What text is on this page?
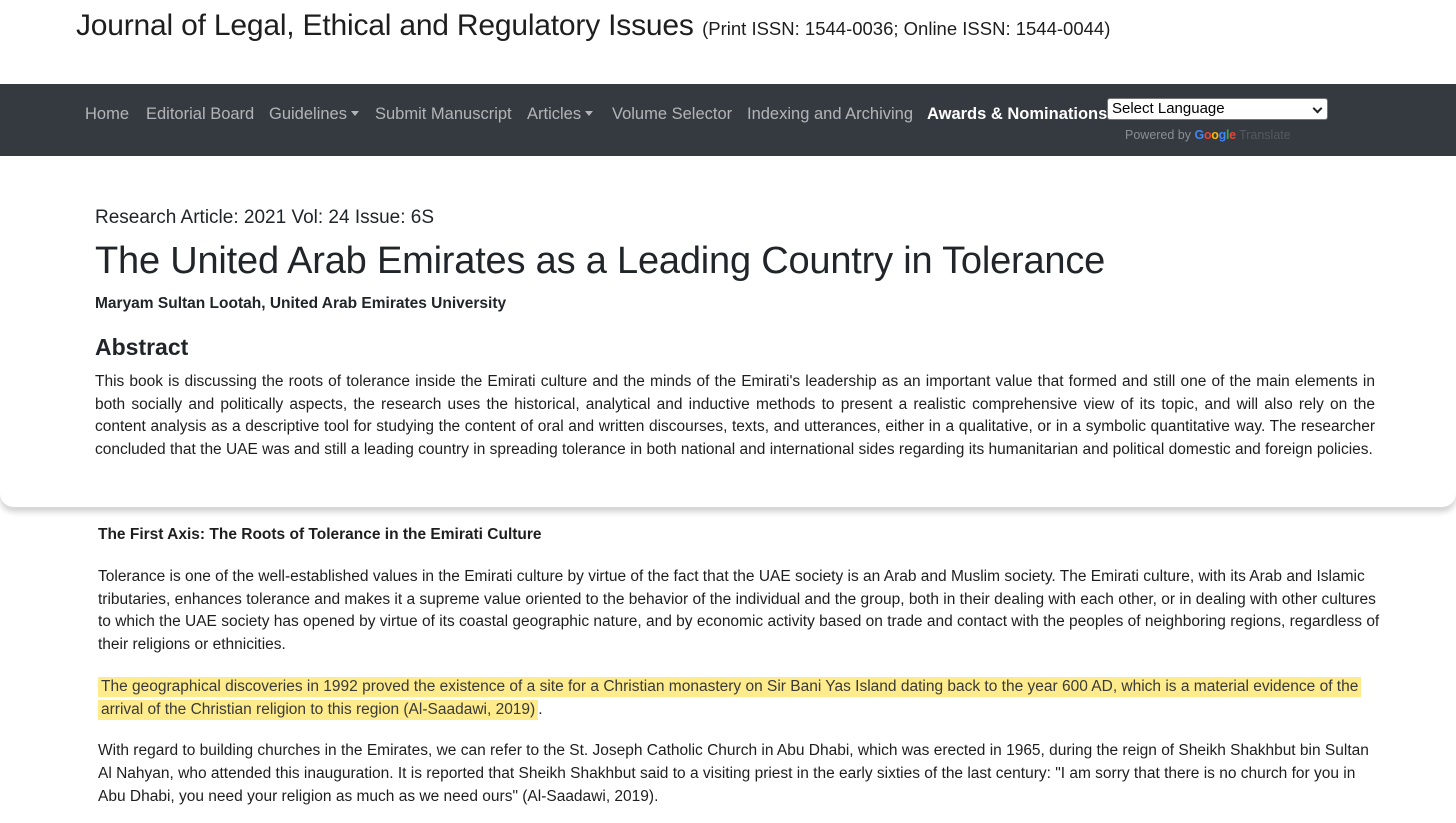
Journal of Legal, Ethical and Regulatory Issues (Print ISSN: 1544-0036; Online ISSN: 1544-0044)
Home Editorial Board Guidelines	Submit Manuscript Articles	Volume Selector Indexing and Archiving Awards & Nominations Select Language
Powered by Google Translate
Research Article: 2021 Vol: 24 Issue: 6S
The United Arab Emirates as a Leading Country in Tolerance
Maryam Sultan Lootah, United Arab Emirates University
Abstract

This book is discussing the roots of tolerance inside the Emirati culture and the minds of the Emirati's leadership as an important value that formed and still one of the main elements in both socially and politically aspects, the research uses the historical, analytical and inductive methods to present a realistic comprehensive view of its topic, and will also rely on the content analysis as a descriptive tool for studying the content of oral and written discourses, texts, and utterances, either in a qualitative, or in a symbolic quantitative way. The researcher concluded that the UAE was and still a leading country in spreading tolerance in both national and international sides regarding its humanitarian and political domestic and foreign policies.

The First Axis: The Roots of Tolerance in the Emirati Culture

Tolerance is one of the well-established values in the Emirati culture by virtue of the fact that the UAE society is an Arab and Muslim society. The Emirati culture, with its Arab and Islamic tributaries, enhances tolerance and makes it a supreme value oriented to the behavior of the individual and the group, both in their dealing with each other, or in dealing with other cultures to which the UAE society has opened by virtue of its coastal geographic nature, and by economic activity based on trade and contact with the peoples of neighboring regions, regardless of their religions or ethnicities.

The geographical discoveries in 1992 proved the existence of a site for a Christian monastery on Sir Bani Yas Island dating back to the year 600 AD, which is a material evidence of the arrival of the Christian religion to this region (Al-Saadawi, 2019) .

With regard to building churches in the Emirates, we can refer to the St. Joseph Catholic Church in Abu Dhabi, which was erected in 1965, during the reign of Sheikh Shakhbut bin Sultan Al Nahyan, who attended this inauguration. It is reported that Sheikh Shakhbut said to a visiting priest in the early sixties of the last century: "I am sorry that there is no church for you in Abu Dhabi, you need your religion as much as we need ours" (Al-Saadawi, 2019).
